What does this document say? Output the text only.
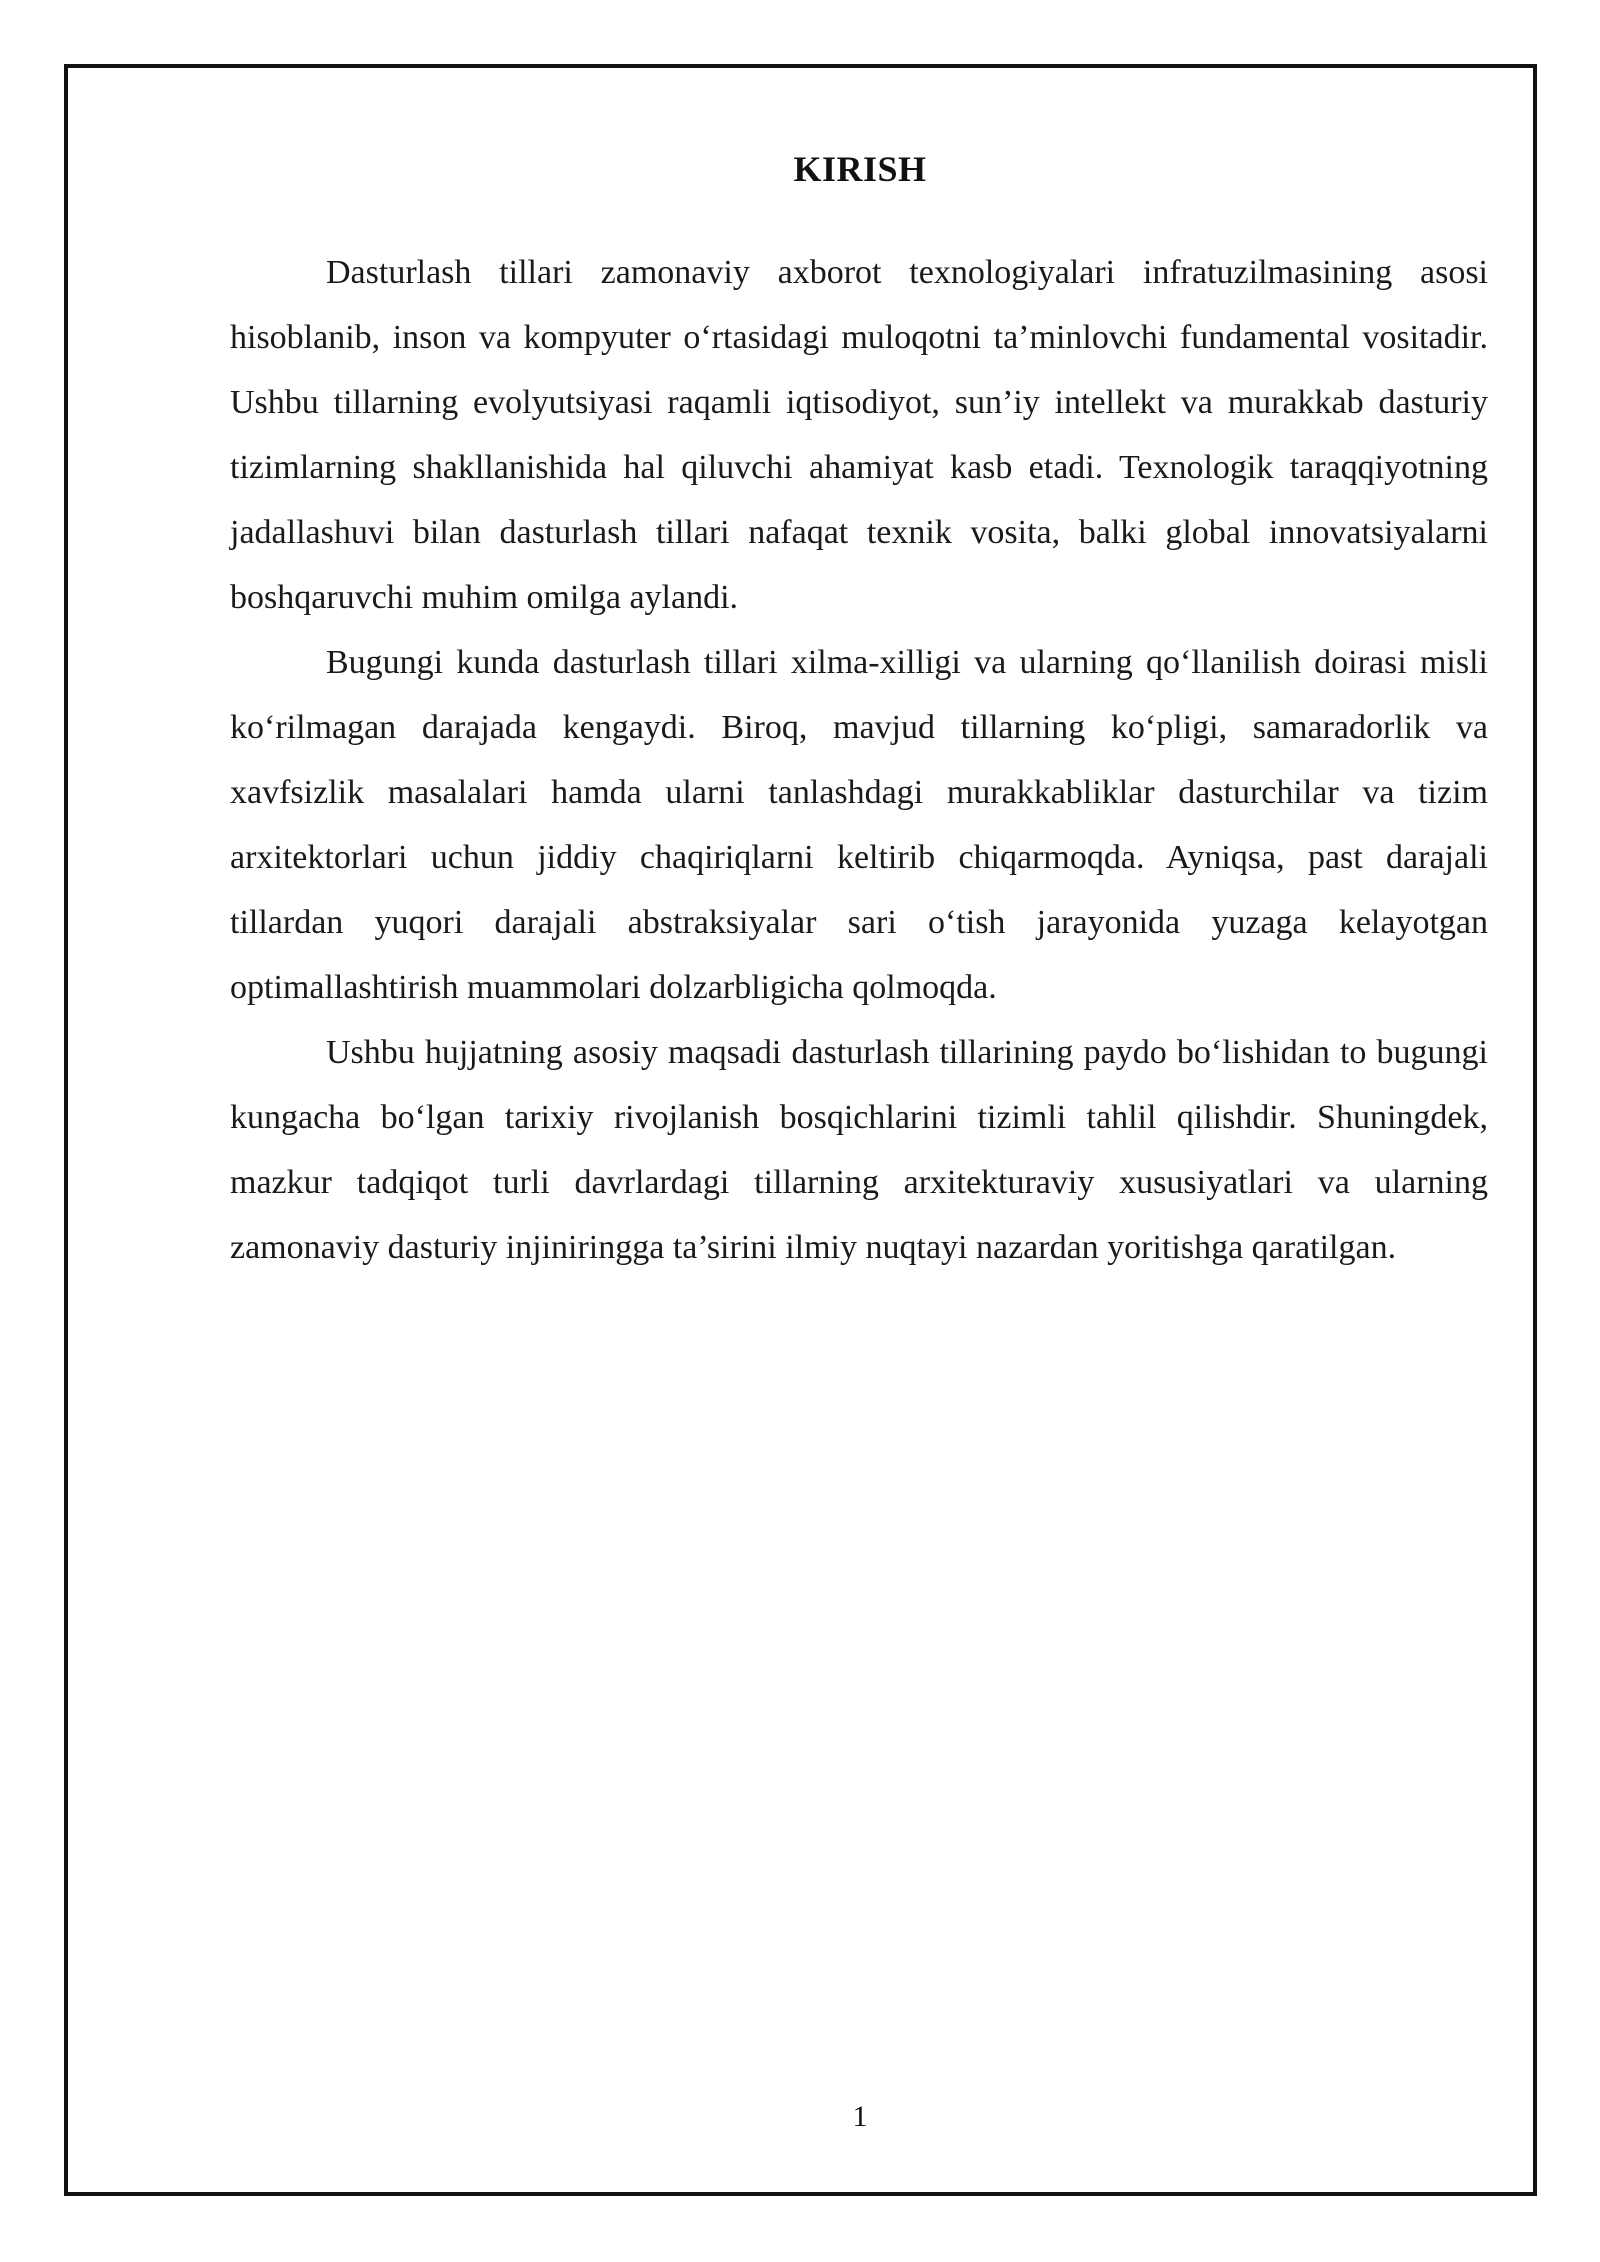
KIRISH

Dasturlash tillari zamonaviy axborot texnologiyalari infratuzilmasining asosi hisoblanib, inson va kompyuter o‘rtasidagi muloqotni ta’minlovchi fundamental vositadir. Ushbu tillarning evolyutsiyasi raqamli iqtisodiyot, sun’iy intellekt va murakkab dasturiy tizimlarning shakllanishida hal qiluvchi ahamiyat kasb etadi. Texnologik taraqqiyotning jadallashuvi bilan dasturlash tillari nafaqat texnik vosita, balki global innovatsiyalarni boshqaruvchi muhim omilga aylandi.

Bugungi kunda dasturlash tillari xilma-xilligi va ularning qo‘llanilish doirasi misli ko‘rilmagan darajada kengaydi. Biroq, mavjud tillarning ko‘pligi, samaradorlik va xavfsizlik masalalari hamda ularni tanlashdagi murakkabliklar dasturchilar va tizim arxitektorlari uchun jiddiy chaqiriqlarni keltirib chiqarmoqda. Ayniqsa, past darajali tillardan yuqori darajali abstraksiyalar sari o‘tish jarayonida yuzaga kelayotgan optimallashtirish muammolari dolzarbligicha qolmoqda.

Ushbu hujjatning asosiy maqsadi dasturlash tillarining paydo bo‘lishidan to bugungi kungacha bo‘lgan tarixiy rivojlanish bosqichlarini tizimli tahlil qilishdir. Shuningdek, mazkur tadqiqot turli davrlardagi tillarning arxitekturaviy xususiyatlari va ularning zamonaviy dasturiy injiniringga ta’sirini ilmiy nuqtayi nazardan yoritishga qaratilgan.

1
